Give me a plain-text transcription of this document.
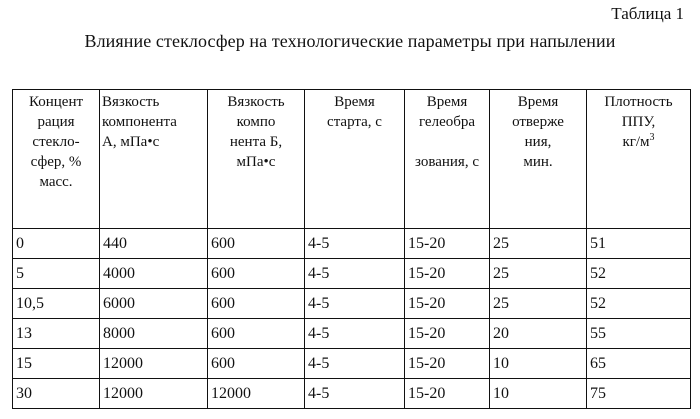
Таблица 1
Влияние стеклосфер на технологические параметры при напылении
Концент
рация
стекло-
сфер, %
масс.	Вязкость
компонента
А, мПа•с	Вязкость
компо
нента Б,
мПа•с	Время
старта, с	Время
гелеобра

зования, с	Время
отверже
ния,
мин.	Плотность
ППУ,
$кг/м^3$

0	440	600	4-5	15-20	25	51
5	4000	600	4-5	15-20	25	52
10,5	6000	600	4-5	15-20	25	52
13	8000	600	4-5	15-20	20	55
15	12000	600	4-5	15-20	10	65
30	12000	12000	4-5	15-20	10	75
